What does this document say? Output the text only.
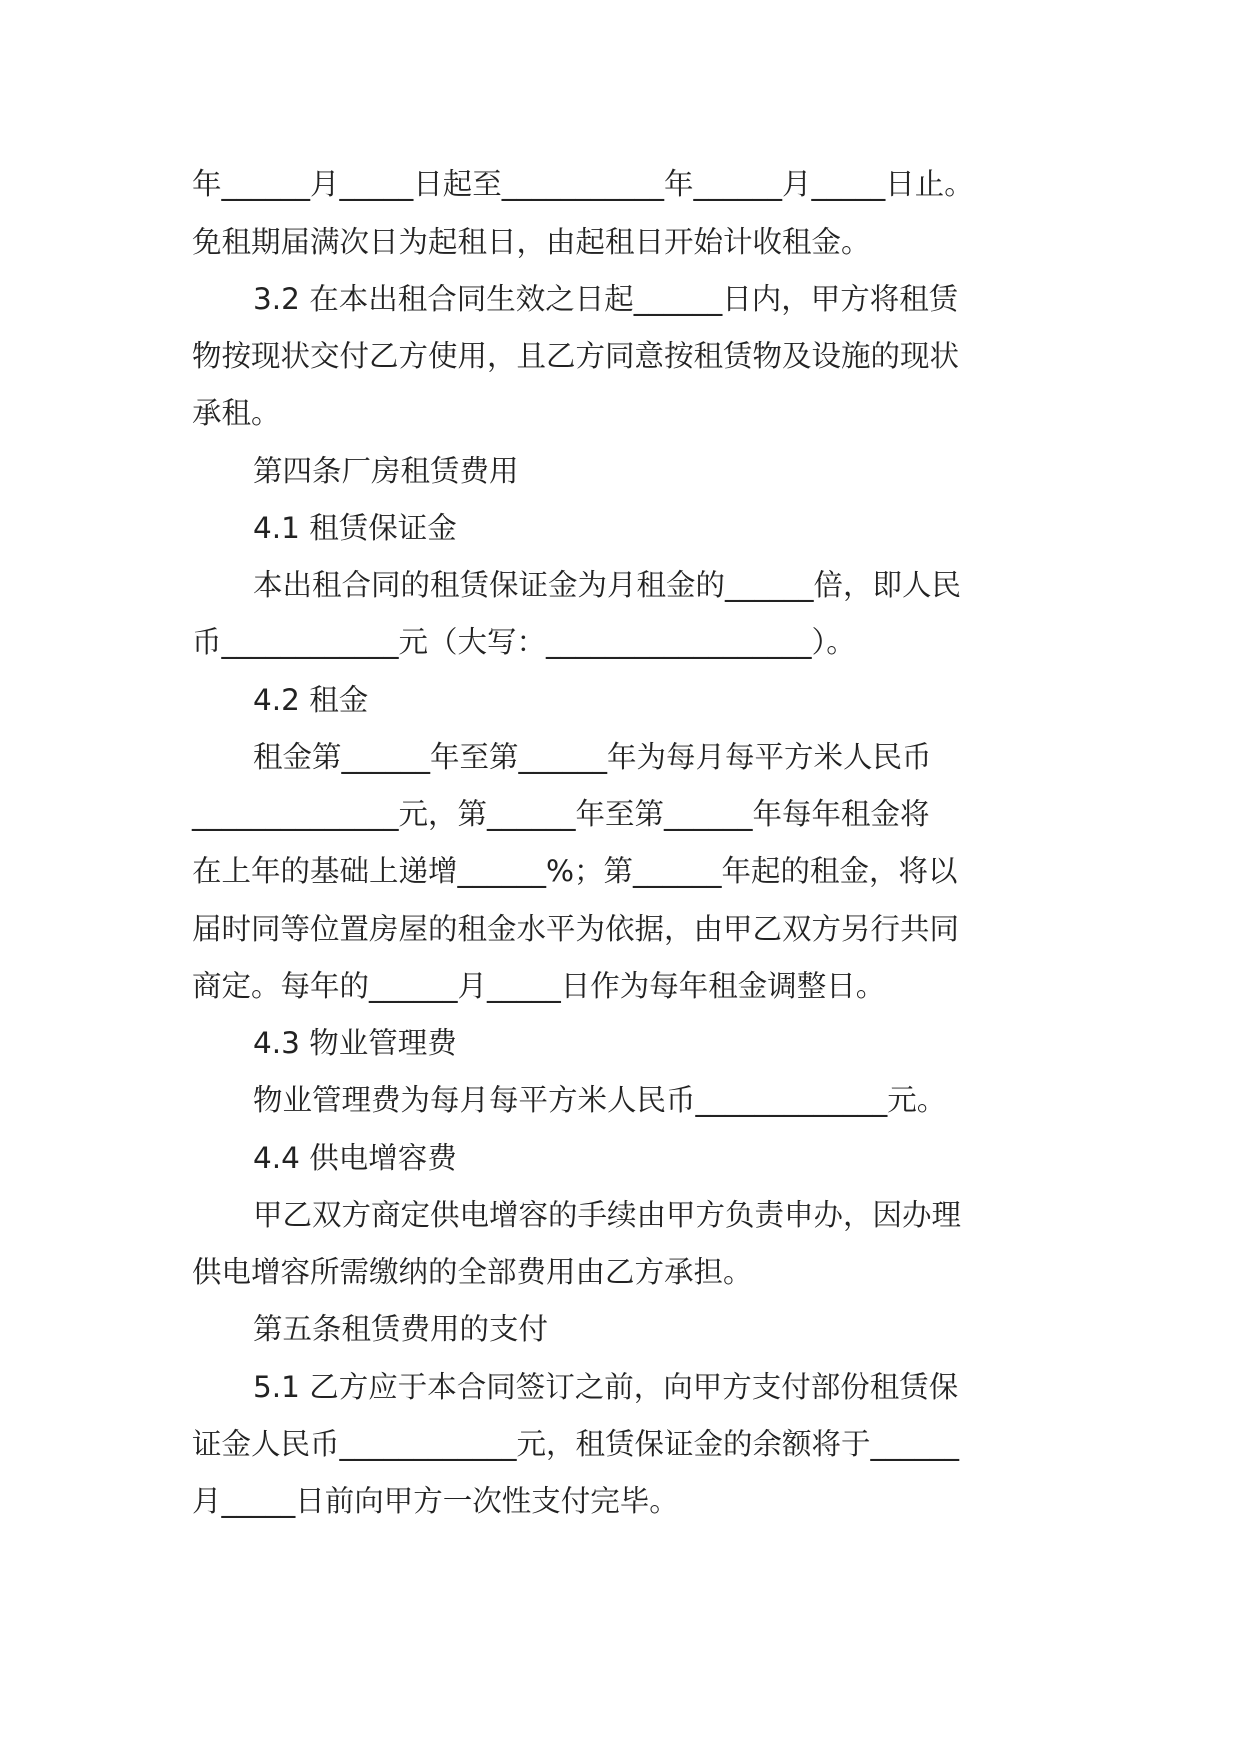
年______月_____日起至___________年______月_____日止。
免租期届满次日为起租日，由起租日开始计收租金。
3.2 在本出租合同生效之日起______日内，甲方将租赁
物按现状交付乙方使用，且乙方同意按租赁物及设施的现状
承租。
第四条厂房租赁费用
4.1 租赁保证金
本出租合同的租赁保证金为月租金的______倍，即人民
币____________元（大写：__________________）。
4.2 租金
租金第______年至第______年为每月每平方米人民币
______________元，第______年至第______年每年租金将
在上年的基础上递增______%；第______年起的租金，将以
届时同等位置房屋的租金水平为依据，由甲乙双方另行共同
商定。每年的______月_____日作为每年租金调整日。
4.3 物业管理费
物业管理费为每月每平方米人民币_____________元。
4.4 供电增容费
甲乙双方商定供电增容的手续由甲方负责申办，因办理
供电增容所需缴纳的全部费用由乙方承担。
第五条租赁费用的支付
5.1 乙方应于本合同签订之前，向甲方支付部份租赁保
证金人民币____________元，租赁保证金的余额将于______
月_____日前向甲方一次性支付完毕。
